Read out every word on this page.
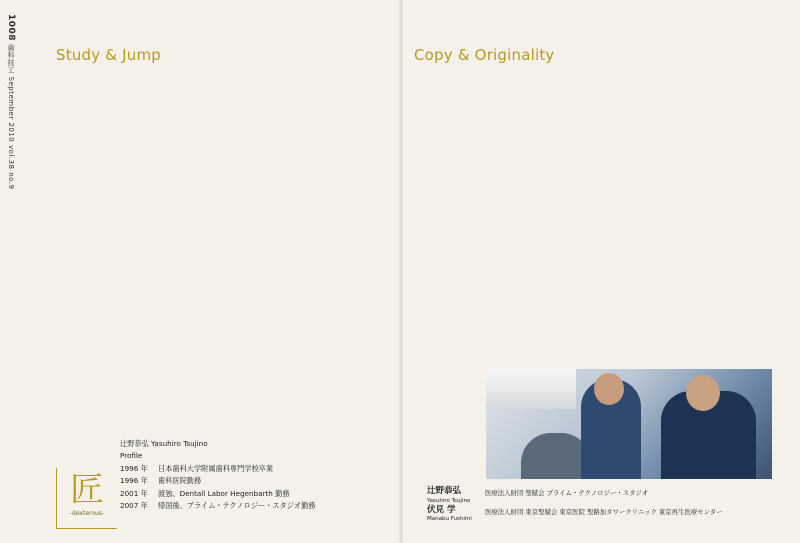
1008 歯科技工 September 2010 vol.38 no.9	Study & Jump
辻野恭弘 Yasuhiro Tsujino
Profile
1996 年	日本歯科大学附属歯科専門学校卒業
1996 年	歯科医院勤務
2001 年	渡独、Dentall Labor Hegenbarth 勤務
2007 年	帰国後、プライム・テクノロジー・スタジオ勤務
匠
-dexterous-
Copy & Originality
辻野恭弘
Yasuhiro Tsujino
医療法人財団 聖賦会 プライム・テクノロジー・スタジオ
伏見 学
Manabu Fushimi
医療法人財団 東京聖賦会 東京医院 聖路加タワークリニック 東京再生医療センター
